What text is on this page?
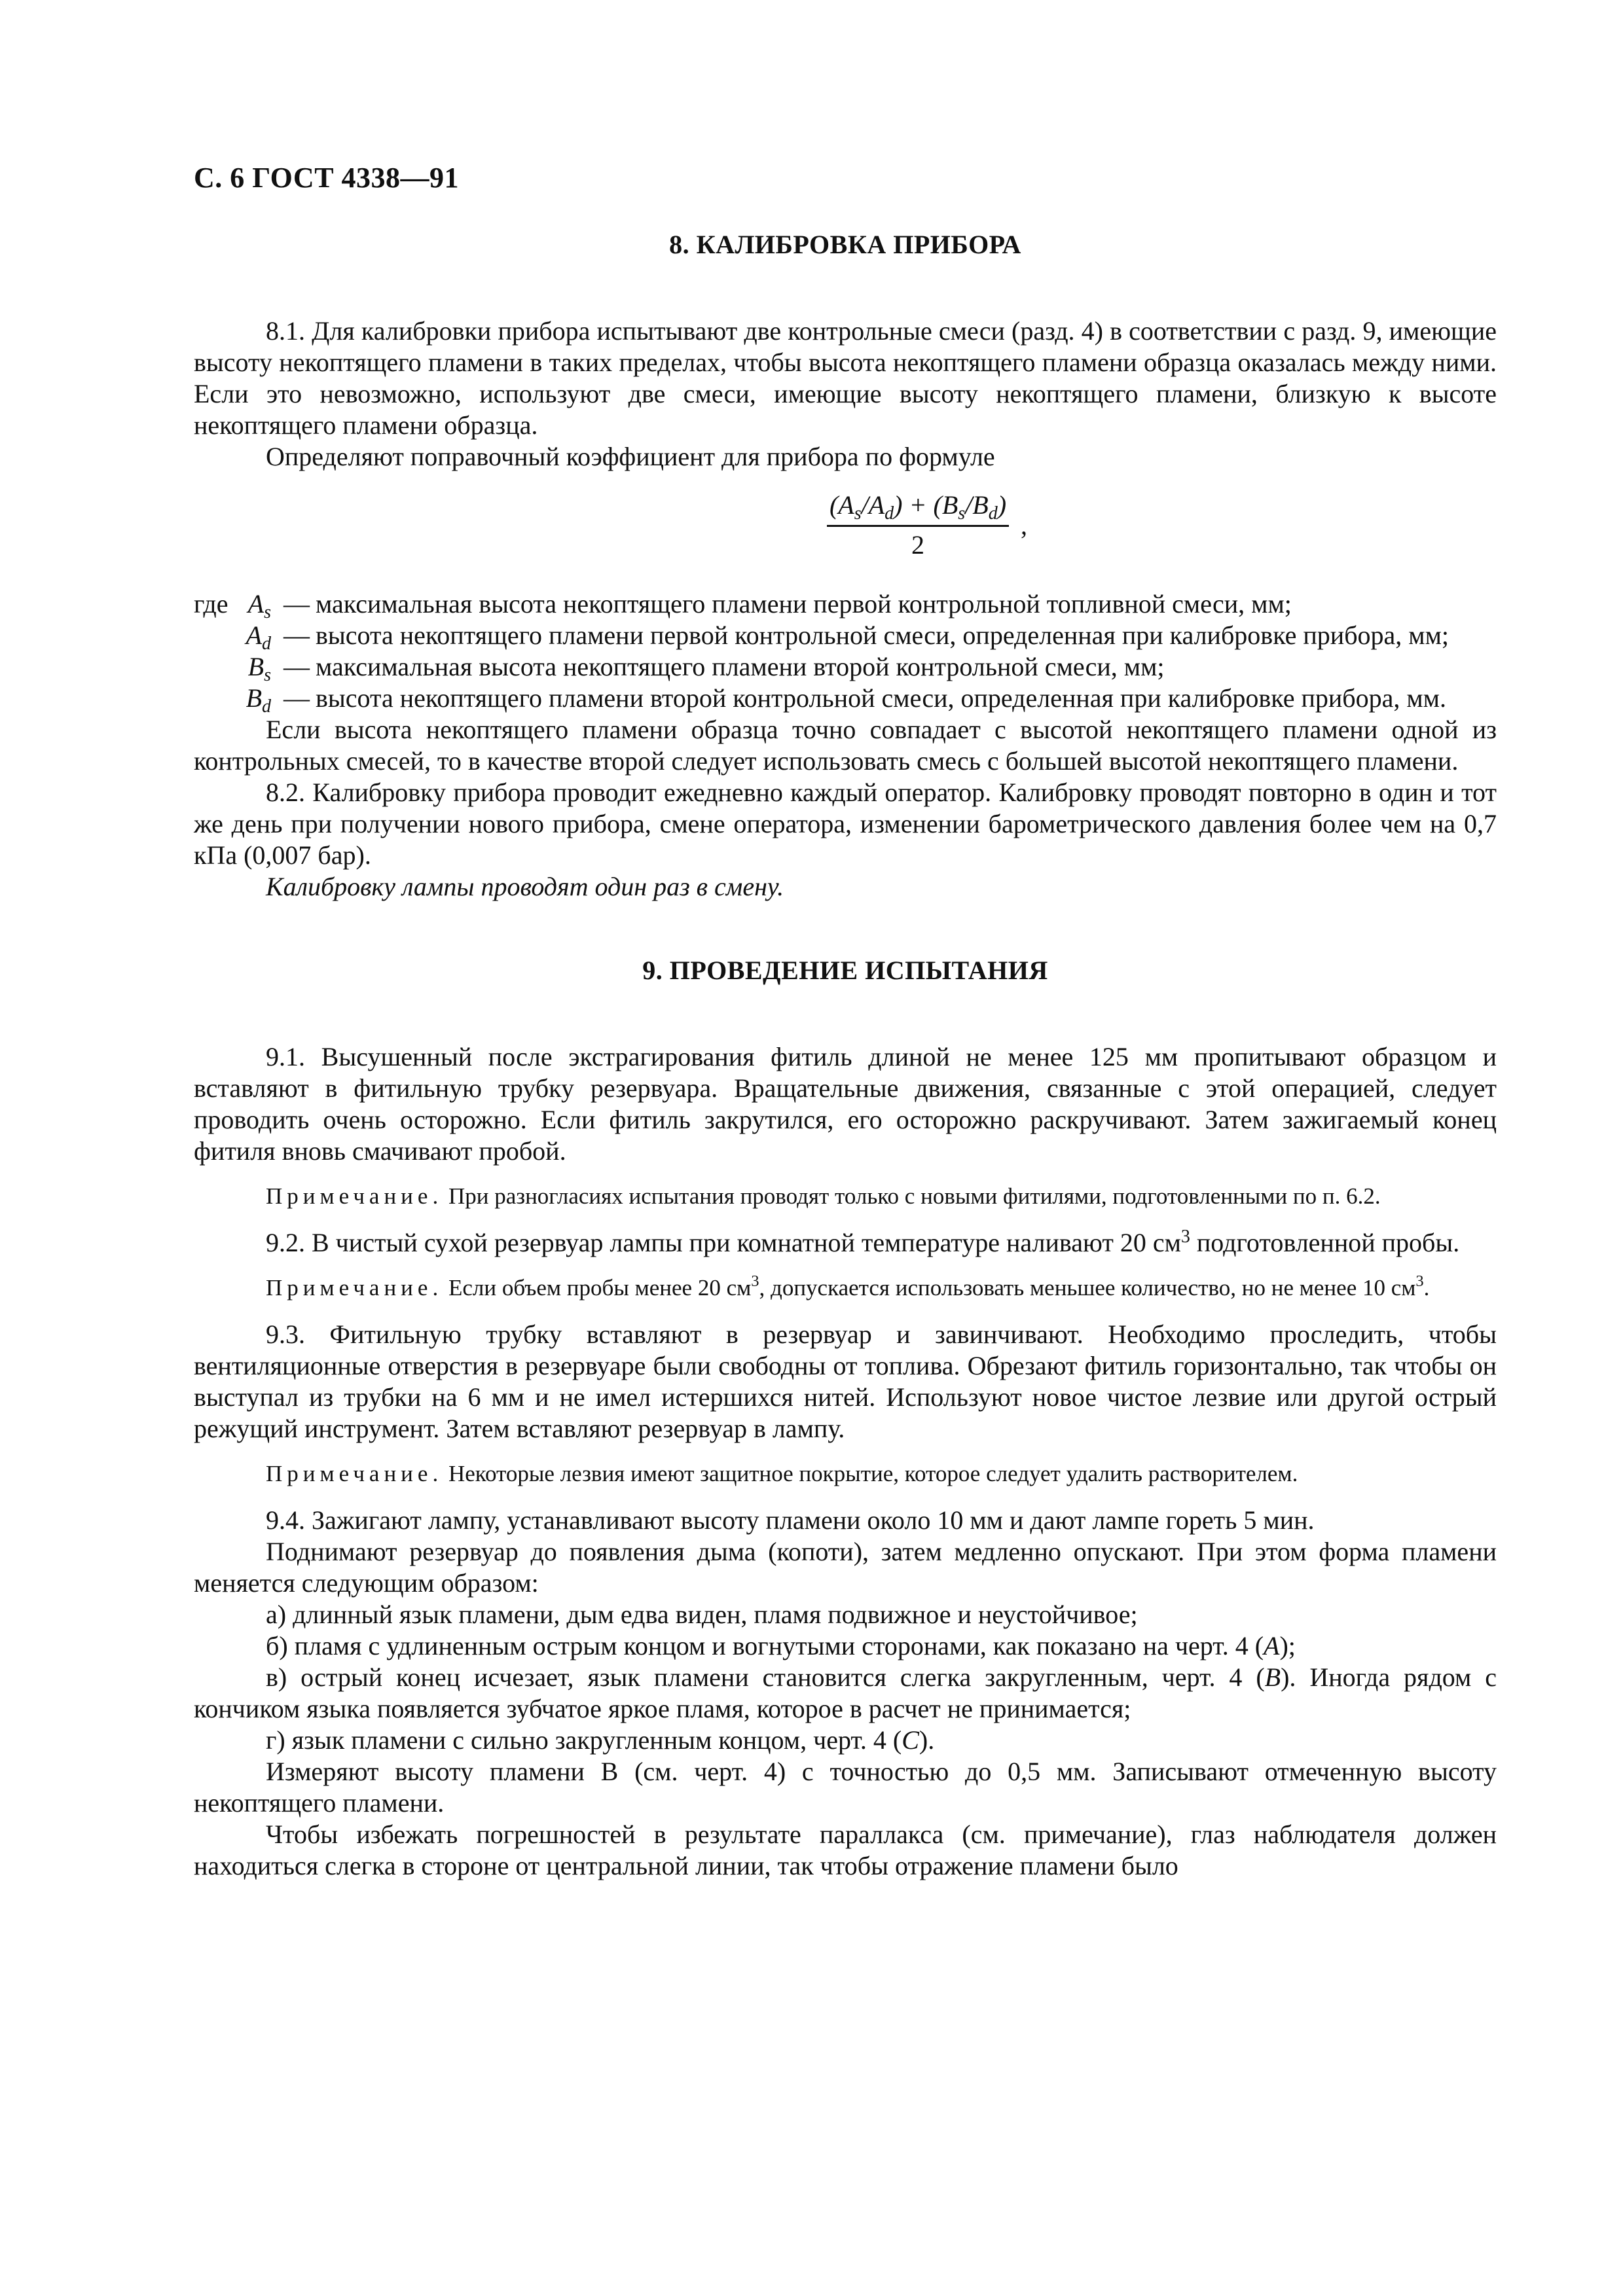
С. 6 ГОСТ 4338—91
8. КАЛИБРОВКА ПРИБОРА

8.1. Для калибровки прибора испытывают две контрольные смеси (разд. 4) в соответствии с разд. 9, имеющие высоту некоптящего пламени в таких пределах, чтобы высота некоптящего пламени образца оказалась между ними. Если это невозможно, используют две смеси, имеющие высоту некоптящего пламени, близкую к высоте некоптящего пламени образца.

Определяют поправочный коэффициент для прибора по формуле

$\frac{(A_s/A_d) + (B_s/B_d)}{2}$ ,
где	$A_s$	—	максимальная высота некоптящего пламени первой контрольной топливной смеси, мм;
	$A_d$	—	высота некоптящего пламени первой контрольной смеси, определенная при калибровке прибора, мм;
	$B_s$	—	максимальная высота некоптящего пламени второй контрольной смеси, мм;
	$B_d$	—	высота некоптящего пламени второй контрольной смеси, определенная при калибровке прибора, мм.

Если высота некоптящего пламени образца точно совпадает с высотой некоптящего пламени одной из контрольных смесей, то в качестве второй следует использовать смесь с большей высотой некоптящего пламени.

8.2. Калибровку прибора проводит ежедневно каждый оператор. Калибровку проводят повторно в один и тот же день при получении нового прибора, смене оператора, изменении барометрического давления более чем на 0,7 кПа (0,007 бар).

Калибровку лампы проводят один раз в смену.

9. ПРОВЕДЕНИЕ ИСПЫТАНИЯ

9.1. Высушенный после экстрагирования фитиль длиной не менее 125 мм пропитывают образцом и вставляют в фитильную трубку резервуара. Вращательные движения, связанные с этой операцией, следует проводить очень осторожно. Если фитиль закрутился, его осторожно раскручивают. Затем зажигаемый конец фитиля вновь смачивают пробой.

Примечание. При разногласиях испытания проводят только с новыми фитилями, подготовленными по п. 6.2.

9.2. В чистый сухой резервуар лампы при комнатной температуре наливают 20 $см^3$ подготовленной пробы.

Примечание. Если объем пробы менее 20 $см^3$, допускается использовать меньшее количество, но не менее 10 $см^3$.

9.3. Фитильную трубку вставляют в резервуар и завинчивают. Необходимо проследить, чтобы вентиляционные отверстия в резервуаре были свободны от топлива. Обрезают фитиль горизонтально, так чтобы он выступал из трубки на 6 мм и не имел истершихся нитей. Используют новое чистое лезвие или другой острый режущий инструмент. Затем вставляют резервуар в лампу.

Примечание. Некоторые лезвия имеют защитное покрытие, которое следует удалить растворителем.

9.4. Зажигают лампу, устанавливают высоту пламени около 10 мм и дают лампе гореть 5 мин.

Поднимают резервуар до появления дыма (копоти), затем медленно опускают. При этом форма пламени меняется следующим образом:

а) длинный язык пламени, дым едва виден, пламя подвижное и неустойчивое;

б) пламя с удлиненным острым концом и вогнутыми сторонами, как показано на черт. 4 (А);

в) острый конец исчезает, язык пламени становится слегка закругленным, черт. 4 (В). Иногда рядом с кончиком языка появляется зубчатое яркое пламя, которое в расчет не принимается;

г) язык пламени с сильно закругленным концом, черт. 4 (С).

Измеряют высоту пламени В (см. черт. 4) с точностью до 0,5 мм. Записывают отмеченную высоту некоптящего пламени.

Чтобы избежать погрешностей в результате параллакса (см. примечание), глаз наблюдателя должен находиться слегка в стороне от центральной линии, так чтобы отражение пламени было
